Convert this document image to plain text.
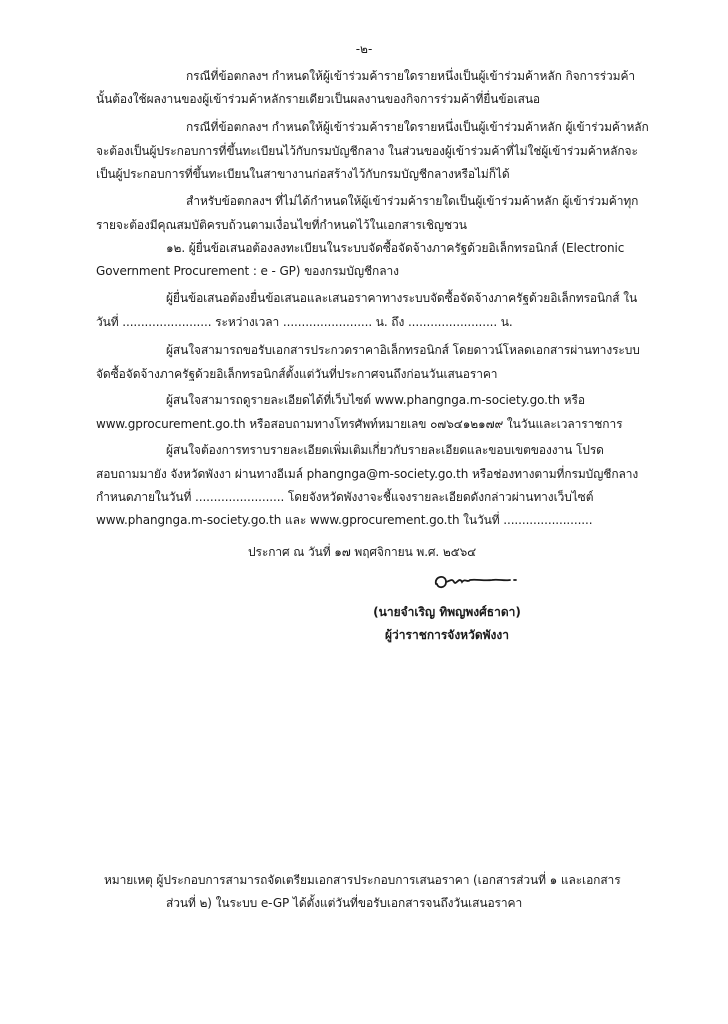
-๒-
กรณีที่ข้อตกลงฯ กำหนดให้ผู้เข้าร่วมค้ารายใดรายหนึ่งเป็นผู้เข้าร่วมค้าหลัก กิจการร่วมค้า
นั้นต้องใช้ผลงานของผู้เข้าร่วมค้าหลักรายเดียวเป็นผลงานของกิจการร่วมค้าที่ยื่นข้อเสนอ
กรณีที่ข้อตกลงฯ กำหนดให้ผู้เข้าร่วมค้ารายใดรายหนึ่งเป็นผู้เข้าร่วมค้าหลัก ผู้เข้าร่วมค้าหลัก
จะต้องเป็นผู้ประกอบการที่ขึ้นทะเบียนไว้กับกรมบัญชีกลาง ในส่วนของผู้เข้าร่วมค้าที่ไม่ใช่ผู้เข้าร่วมค้าหลักจะ
เป็นผู้ประกอบการที่ขึ้นทะเบียนในสาขางานก่อสร้างไว้กับกรมบัญชีกลางหรือไม่ก็ได้
สำหรับข้อตกลงฯ ที่ไม่ได้กำหนดให้ผู้เข้าร่วมค้ารายใดเป็นผู้เข้าร่วมค้าหลัก ผู้เข้าร่วมค้าทุก
รายจะต้องมีคุณสมบัติครบถ้วนตามเงื่อนไขที่กำหนดไว้ในเอกสารเชิญชวน
๑๒. ผู้ยื่นข้อเสนอต้องลงทะเบียนในระบบจัดซื้อจัดจ้างภาครัฐด้วยอิเล็กทรอนิกส์ (Electronic
Government Procurement : e - GP) ของกรมบัญชีกลาง
ผู้ยื่นข้อเสนอต้องยื่นข้อเสนอและเสนอราคาทางระบบจัดซื้อจัดจ้างภาครัฐด้วยอิเล็กทรอนิกส์ ใน
วันที่ ........................ ระหว่างเวลา ........................ น. ถึง ........................ น.
ผู้สนใจสามารถขอรับเอกสารประกวดราคาอิเล็กทรอนิกส์ โดยดาวน์โหลดเอกสารผ่านทางระบบ
จัดซื้อจัดจ้างภาครัฐด้วยอิเล็กทรอนิกส์ตั้งแต่วันที่ประกาศจนถึงก่อนวันเสนอราคา
ผู้สนใจสามารถดูรายละเอียดได้ที่เว็บไซต์ www.phangnga.m-society.go.th หรือ
www.gprocurement.go.th หรือสอบถามทางโทรศัพท์หมายเลข ๐๗๖๔๑๒๑๗๙ ในวันและเวลาราชการ
ผู้สนใจต้องการทราบรายละเอียดเพิ่มเติมเกี่ยวกับรายละเอียดและขอบเขตของงาน โปรด
สอบถามมายัง จังหวัดพังงา ผ่านทางอีเมล์ phangnga@m-society.go.th หรือช่องทางตามที่กรมบัญชีกลาง
กำหนดภายในวันที่ ........................ โดยจังหวัดพังงาจะชี้แจงรายละเอียดดังกล่าวผ่านทางเว็บไซต์
www.phangnga.m-society.go.th และ www.gprocurement.go.th ในวันที่ ........................
ประกาศ ณ วันที่ ๑๗ พฤศจิกายน พ.ศ. ๒๕๖๔
(นายจำเริญ ทิพญพงศ์ธาดา)
ผู้ว่าราชการจังหวัดพังงา
หมายเหตุ ผู้ประกอบการสามารถจัดเตรียมเอกสารประกอบการเสนอราคา (เอกสารส่วนที่ ๑ และเอกสาร
ส่วนที่ ๒) ในระบบ e-GP ได้ตั้งแต่วันที่ขอรับเอกสารจนถึงวันเสนอราคา
